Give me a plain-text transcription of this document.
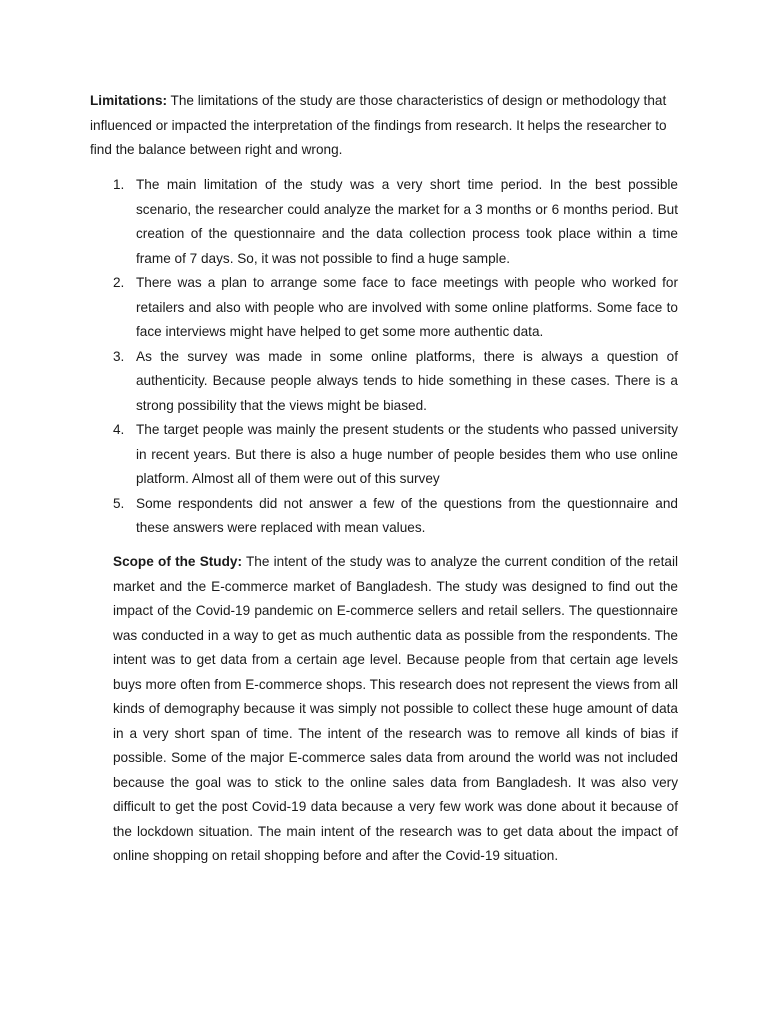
Limitations: The limitations of the study are those characteristics of design or methodology that influenced or impacted the interpretation of the findings from research. It helps the researcher to find the balance between right and wrong.

1. The main limitation of the study was a very short time period. In the best possible scenario, the researcher could analyze the market for a 3 months or 6 months period. But creation of the questionnaire and the data collection process took place within a time frame of 7 days. So, it was not possible to find a huge sample.
2. There was a plan to arrange some face to face meetings with people who worked for retailers and also with people who are involved with some online platforms. Some face to face interviews might have helped to get some more authentic data.
3. As the survey was made in some online platforms, there is always a question of authenticity. Because people always tends to hide something in these cases. There is a strong possibility that the views might be biased.
4. The target people was mainly the present students or the students who passed university in recent years. But there is also a huge number of people besides them who use online platform. Almost all of them were out of this survey
5. Some respondents did not answer a few of the questions from the questionnaire and these answers were replaced with mean values.

Scope of the Study: The intent of the study was to analyze the current condition of the retail market and the E-commerce market of Bangladesh. The study was designed to find out the impact of the Covid-19 pandemic on E-commerce sellers and retail sellers. The questionnaire was conducted in a way to get as much authentic data as possible from the respondents. The intent was to get data from a certain age level. Because people from that certain age levels buys more often from E-commerce shops. This research does not represent the views from all kinds of demography because it was simply not possible to collect these huge amount of data in a very short span of time. The intent of the research was to remove all kinds of bias if possible. Some of the major E-commerce sales data from around the world was not included because the goal was to stick to the online sales data from Bangladesh. It was also very difficult to get the post Covid-19 data because a very few work was done about it because of the lockdown situation. The main intent of the research was to get data about the impact of online shopping on retail shopping before and after the Covid-19 situation.
